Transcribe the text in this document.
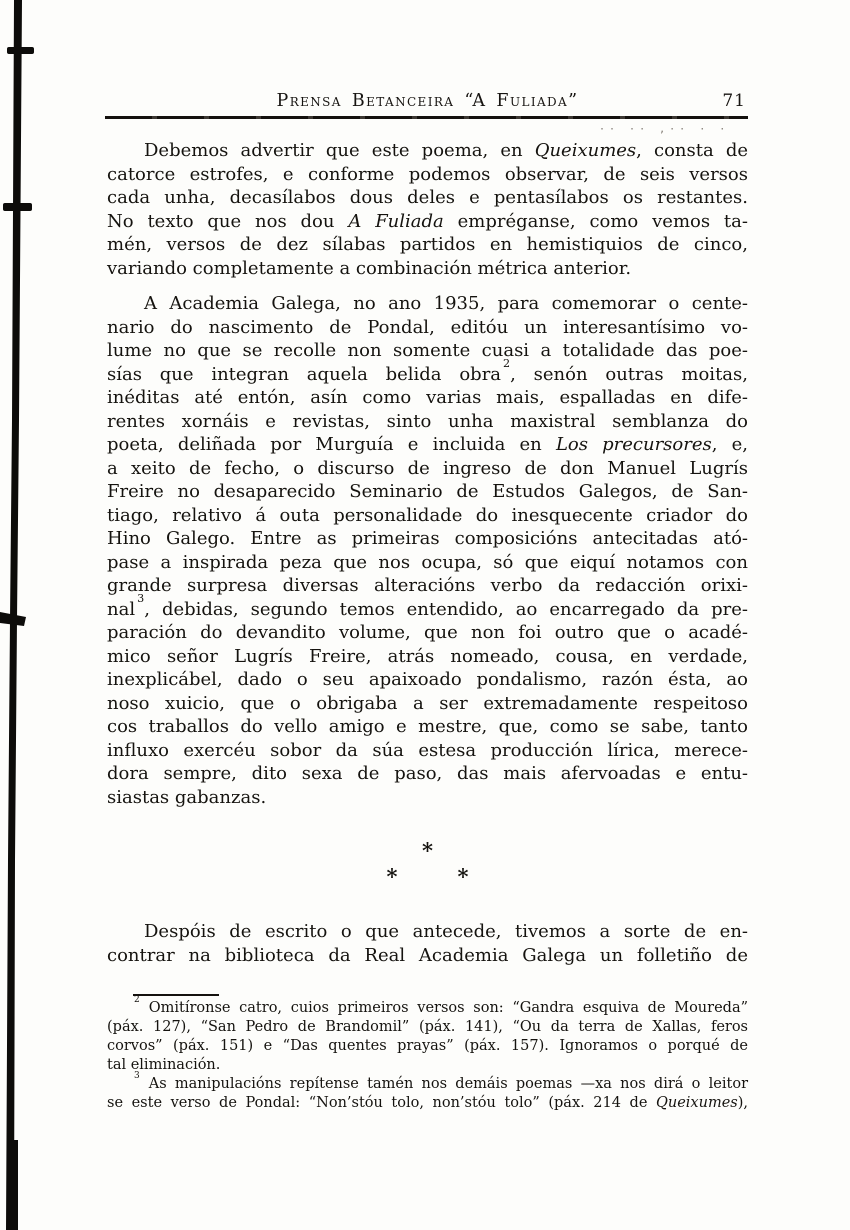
Prensa Betanceira “A Fuliada”	71
·· ·· ,·· · ·
Debemos advertir que este poema, en Queixumes, consta de
catorce estrofes, e conforme podemos observar, de seis versos
cada unha, decasílabos dous deles e pentasílabos os restantes.
No texto que nos dou A Fuliada empréganse, como vemos ta-
mén, versos de dez sílabas partidos en hemistiquios de cinco,
variando completamente a combinación métrica anterior.
A Academia Galega, no ano 1935, para comemorar o cente-
nario do nascimento de Pondal, editóu un interesantísimo vo-
lume no que se recolle non somente cuasi a totalidade das poe-
sías que integran aquela belida obra $^2$, senón outras moitas,
inéditas até entón, asín como varias mais, espalladas en dife-
rentes xornáis e revistas, sinto unha maxistral semblanza do
poeta, deliñada por Murguía e incluida en Los precursores, e,
a xeito de fecho, o discurso de ingreso de don Manuel Lugrís
Freire no desaparecido Seminario de Estudos Galegos, de San-
tiago, relativo á outa personalidade do inesquecente criador do
Hino Galego. Entre as primeiras composicións antecitadas ató-
pase a inspirada peza que nos ocupa, só que eiquí notamos con
grande surpresa diversas alteracións verbo da redacción orixi-
nal $^3$, debidas, segundo temos entendido, ao encarregado da pre-
paración do devandito volume, que non foi outro que o acadé-
mico señor Lugrís Freire, atrás nomeado, cousa, en verdade,
inexplicábel, dado o seu apaixoado pondalismo, razón ésta, ao
noso xuicio, que o obrigaba a ser extremadamente respeitoso
cos traballos do vello amigo e mestre, que, como se sabe, tanto
influxo exercéu sobor da súa estesa producción lírica, merece-
dora sempre, dito sexa de paso, das mais afervoadas e entu-
siastas gabanzas.
*
*	*
Despóis de escrito o que antecede, tivemos a sorte de en-
contrar na biblioteca da Real Academia Galega un folletiño de
$^2$ Omitíronse catro, cuios primeiros versos son: “Gandra esquiva de Moureda”
(páx. 127), “San Pedro de Brandomil” (páx. 141), “Ou da terra de Xallas, feros
corvos” (páx. 151) e “Das quentes prayas” (páx. 157). Ignoramos o porqué de
tal eliminación.
$^3$ As manipulacións repítense tamén nos demáis poemas —xa nos dirá o leitor
se este verso de Pondal: “Non’stóu tolo, non’stóu tolo” (páx. 214 de Queixumes),
